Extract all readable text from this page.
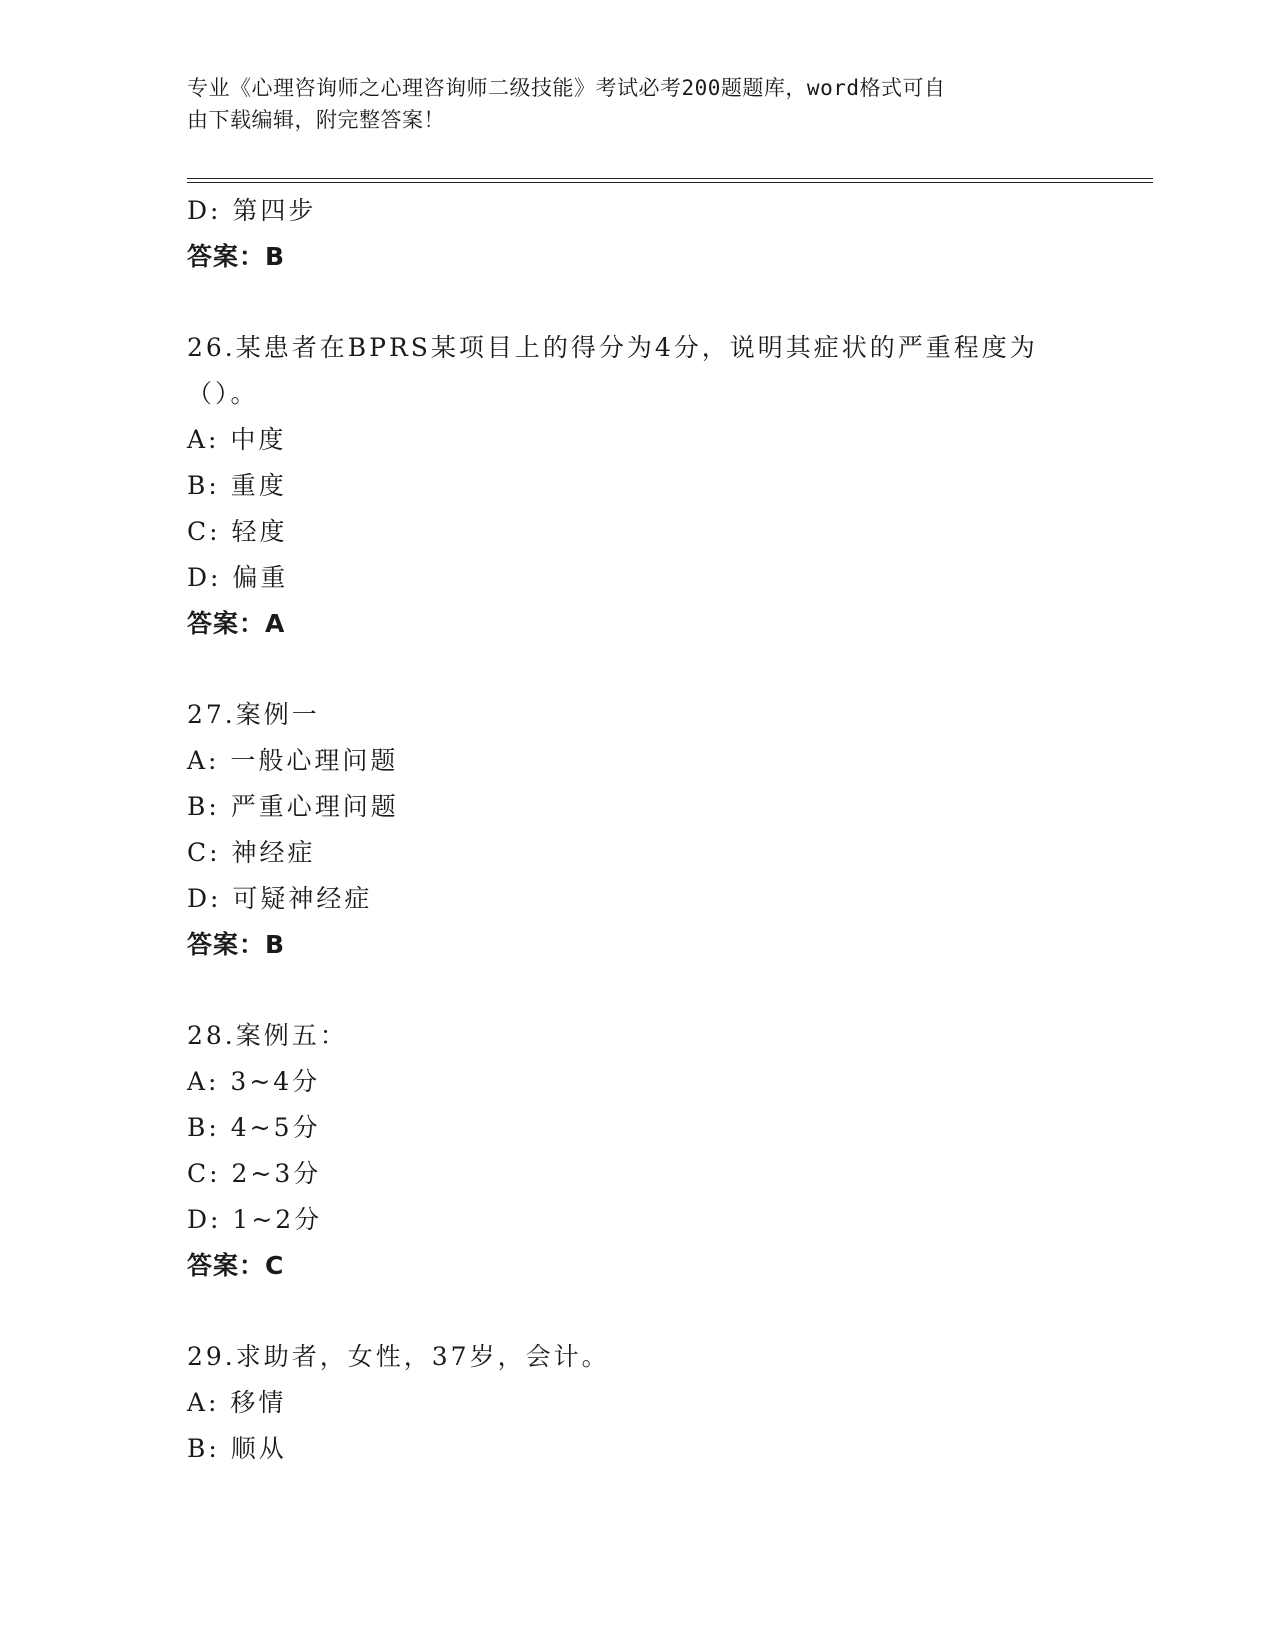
专业《心理咨询师之心理咨询师二级技能》考试必考200题题库，word格式可自
由下载编辑，附完整答案！
D: 第四步
答案：B
26.某患者在BPRS某项目上的得分为4分，说明其症状的严重程度为
（）。
A: 中度
B: 重度
C: 轻度
D: 偏重
答案：A
27.案例一
A: 一般心理问题
B: 严重心理问题
C: 神经症
D: 可疑神经症
答案：B
28.案例五：
A: 3~4分
B: 4~5分
C: 2~3分
D: 1~2分
答案：C
29.求助者，女性，37岁，会计。
A: 移情
B: 顺从
